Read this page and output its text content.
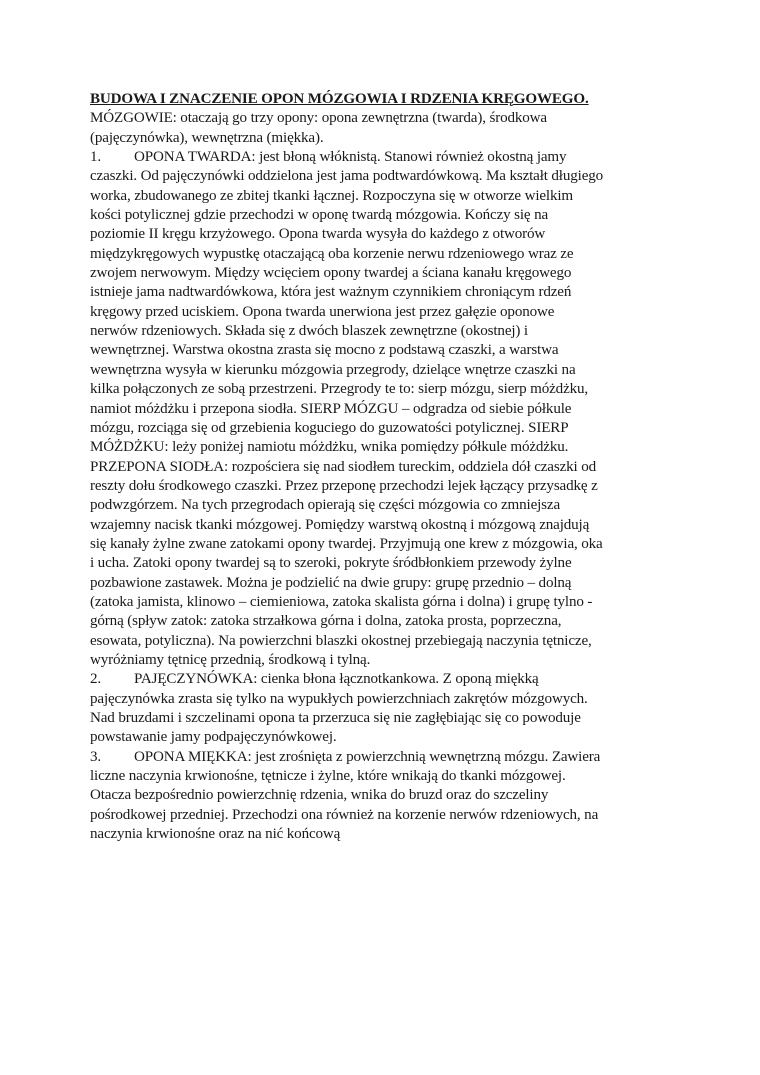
BUDOWA I ZNACZENIE OPON MÓZGOWIA I RDZENIA KRĘGOWEGO.
MÓZGOWIE: otaczają go trzy opony: opona zewnętrzna (twarda), środkowa
(pajęczynówka), wewnętrzna (miękka).
1. OPONA TWARDA: jest błoną włóknistą. Stanowi również okostną jamy
czaszki. Od pajęczynówki oddzielona jest jama podtwardówkową. Ma kształt długiego
worka, zbudowanego ze zbitej tkanki łącznej. Rozpoczyna się w otworze wielkim
kości potylicznej gdzie przechodzi w oponę twardą mózgowia. Kończy się na
poziomie II kręgu krzyżowego. Opona twarda wysyła do każdego z otworów
międzykręgowych wypustkę otaczającą oba korzenie nerwu rdzeniowego wraz ze
zwojem nerwowym. Między wcięciem opony twardej a ściana kanału kręgowego
istnieje jama nadtwardówkowa, która jest ważnym czynnikiem chroniącym rdzeń
kręgowy przed uciskiem. Opona twarda unerwiona jest przez gałęzie oponowe
nerwów rdzeniowych. Składa się z dwóch blaszek zewnętrzne (okostnej) i
wewnętrznej. Warstwa okostna zrasta się mocno z podstawą czaszki, a warstwa
wewnętrzna wysyła w kierunku mózgowia przegrody, dzielące wnętrze czaszki na
kilka połączonych ze sobą przestrzeni. Przegrody te to: sierp mózgu, sierp móżdżku,
namiot móżdżku i przepona siodła. SIERP MÓZGU – odgradza od siebie półkule
mózgu, rozciąga się od grzebienia koguciego do guzowatości potylicznej. SIERP
MÓŻDŻKU: leży poniżej namiotu móżdżku, wnika pomiędzy półkule móżdżku.
PRZEPONA SIODŁA: rozpościera się nad siodłem tureckim, oddziela dół czaszki od
reszty dołu środkowego czaszki. Przez przeponę przechodzi lejek łączący przysadkę z
podwzgórzem. Na tych przegrodach opierają się części mózgowia co zmniejsza
wzajemny nacisk tkanki mózgowej. Pomiędzy warstwą okostną i mózgową znajdują
się kanały żylne zwane zatokami opony twardej. Przyjmują one krew z mózgowia, oka
i ucha. Zatoki opony twardej są to szeroki, pokryte śródbłonkiem przewody żylne
pozbawione zastawek. Można je podzielić na dwie grupy: grupę przednio – dolną
(zatoka jamista, klinowo – ciemieniowa, zatoka skalista górna i dolna) i grupę tylno -
górną (spływ zatok: zatoka strzałkowa górna i dolna, zatoka prosta, poprzeczna,
esowata, potyliczna). Na powierzchni blaszki okostnej przebiegają naczynia tętnicze,
wyróżniamy tętnicę przednią, środkową i tylną.
2. PAJĘCZYNÓWKA: cienka błona łącznotkankowa. Z oponą miękką
pajęczynówka zrasta się tylko na wypukłych powierzchniach zakrętów mózgowych.
Nad bruzdami i szczelinami opona ta przerzuca się nie zagłębiając się co powoduje
powstawanie jamy podpajęczynówkowej.
3. OPONA MIĘKKA: jest zrośnięta z powierzchnią wewnętrzną mózgu. Zawiera
liczne naczynia krwionośne, tętnicze i żylne, które wnikają do tkanki mózgowej.
Otacza bezpośrednio powierzchnię rdzenia, wnika do bruzd oraz do szczeliny
pośrodkowej przedniej. Przechodzi ona również na korzenie nerwów rdzeniowych, na
naczynia krwionośne oraz na nić końcową
